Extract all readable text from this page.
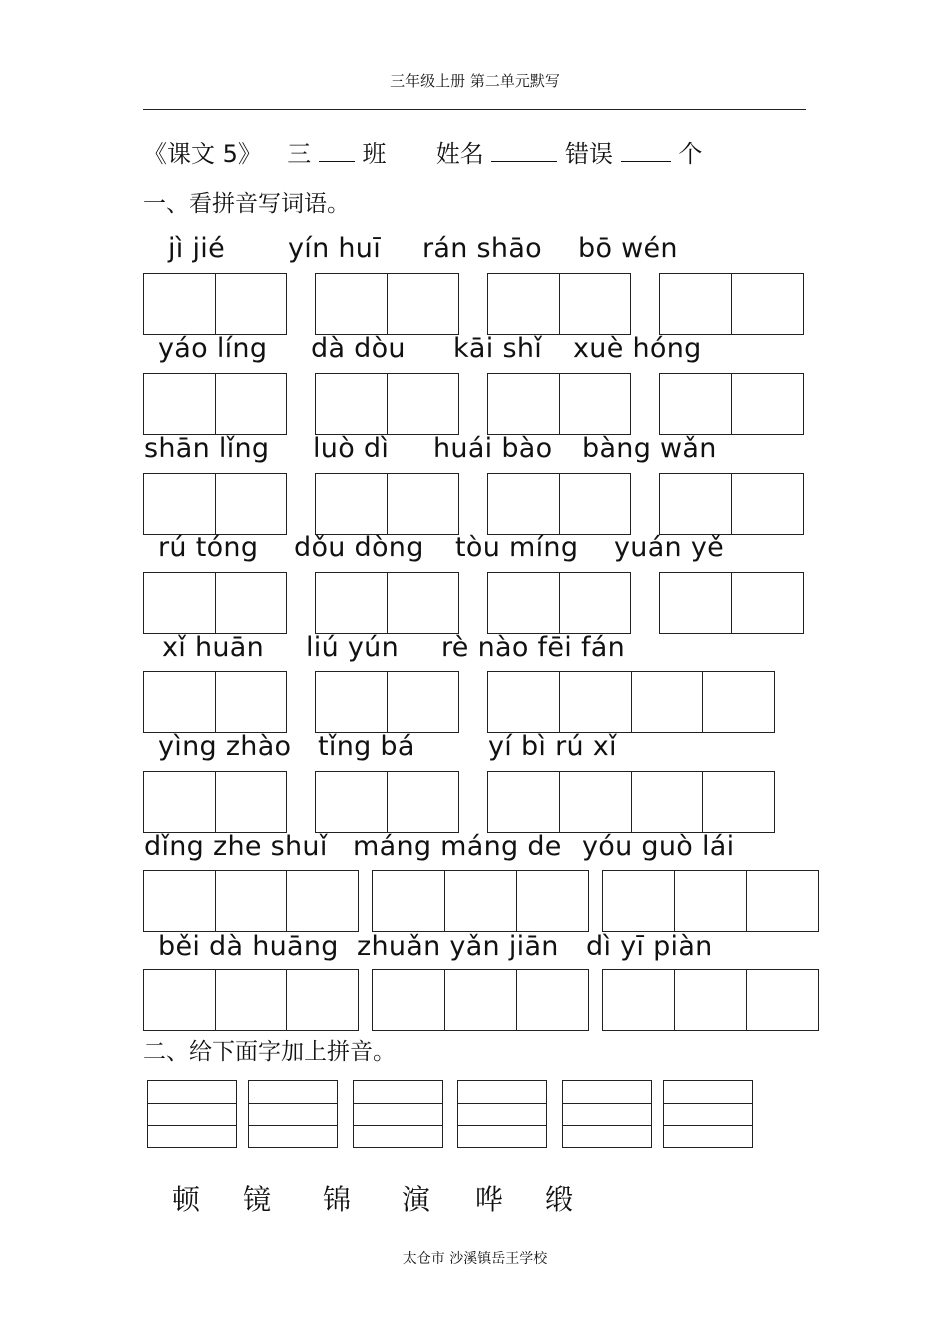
三年级上册 第二单元默写
《课文 5》 三 班 姓名	错误	个
一、看拼音写词语。
jì jié yín huī rán shāo bō wén
yáo líng dà dòu kāi shǐ xuè hóng
shān lǐng luò dì huái bào bàng wǎn
rú tóng dǒu dòng tòu míng yuán yě
xǐ huān liú yún rè nào fēi fán
yìng zhào tǐng bá	yí bì rú xǐ
dǐng zhe shuǐ máng máng de yóu guò lái
běi dà huāng zhuǎn yǎn jiān dì yī piàn
二、给下面字加上拼音。
顿 镜 锦 演 哗 缎
太仓市 沙溪镇岳王学校
